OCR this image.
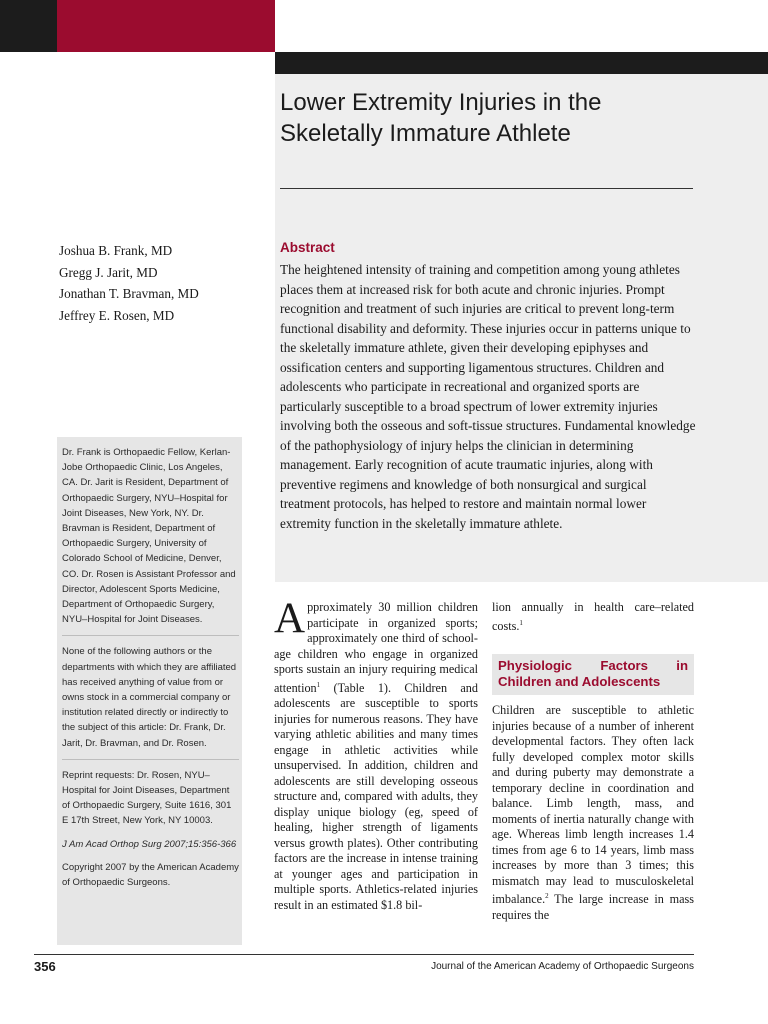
Lower Extremity Injuries in the Skeletally Immature Athlete
Joshua B. Frank, MD
Gregg J. Jarit, MD
Jonathan T. Bravman, MD
Jeffrey E. Rosen, MD
Abstract
The heightened intensity of training and competition among young athletes places them at increased risk for both acute and chronic injuries. Prompt recognition and treatment of such injuries are critical to prevent long-term functional disability and deformity. These injuries occur in patterns unique to the skeletally immature athlete, given their developing epiphyses and ossification centers and supporting ligamentous structures. Children and adolescents who participate in recreational and organized sports are particularly susceptible to a broad spectrum of lower extremity injuries involving both the osseous and soft-tissue structures. Fundamental knowledge of the pathophysiology of injury helps the clinician in determining management. Early recognition of acute traumatic injuries, along with preventive regimens and knowledge of both nonsurgical and surgical treatment protocols, has helped to restore and maintain normal lower extremity function in the skeletally immature athlete.

Dr. Frank is Orthopaedic Fellow, Kerlan-Jobe Orthopaedic Clinic, Los Angeles, CA. Dr. Jarit is Resident, Department of Orthopaedic Surgery, NYU–Hospital for Joint Diseases, New York, NY. Dr. Bravman is Resident, Department of Orthopaedic Surgery, University of Colorado School of Medicine, Denver, CO. Dr. Rosen is Assistant Professor and Director, Adolescent Sports Medicine, Department of Orthopaedic Surgery, NYU–Hospital for Joint Diseases.

None of the following authors or the departments with which they are affiliated has received anything of value from or owns stock in a commercial company or institution related directly or indirectly to the subject of this article: Dr. Frank, Dr. Jarit, Dr. Bravman, and Dr. Rosen.

Reprint requests: Dr. Rosen, NYU–Hospital for Joint Diseases, Department of Orthopaedic Surgery, Suite 1616, 301 E 17th Street, New York, NY 10003.

J Am Acad Orthop Surg 2007;15:356-366

Copyright 2007 by the American Academy of Orthopaedic Surgeons.

Approximately 30 million children participate in organized sports; approximately one third of school-age children who engage in organized sports sustain an injury requiring medical attention$^1$ (Table 1). Children and adolescents are susceptible to sports injuries for numerous reasons. They have varying athletic abilities and many times engage in athletic activities while unsupervised. In addition, children and adolescents are still developing osseous structure and, compared with adults, they display unique biology (eg, speed of healing, higher strength of ligaments versus growth plates). Other contributing factors are the increase in intense training at younger ages and participation in multiple sports. Athletics-related injuries result in an estimated $1.8 bil-
lion annually in health care–related costs.$^1$
Physiologic Factors in Children and Adolescents
Children are susceptible to athletic injuries because of a number of inherent developmental factors. They often lack fully developed complex motor skills and during puberty may demonstrate a temporary decline in coordination and balance. Limb length, mass, and moments of inertia naturally change with age. Whereas limb length increases 1.4 times from age 6 to 14 years, limb mass increases by more than 3 times; this mismatch may lead to musculoskeletal imbalance.$^2$ The large increase in mass requires the
356	Journal of the American Academy of Orthopaedic Surgeons
